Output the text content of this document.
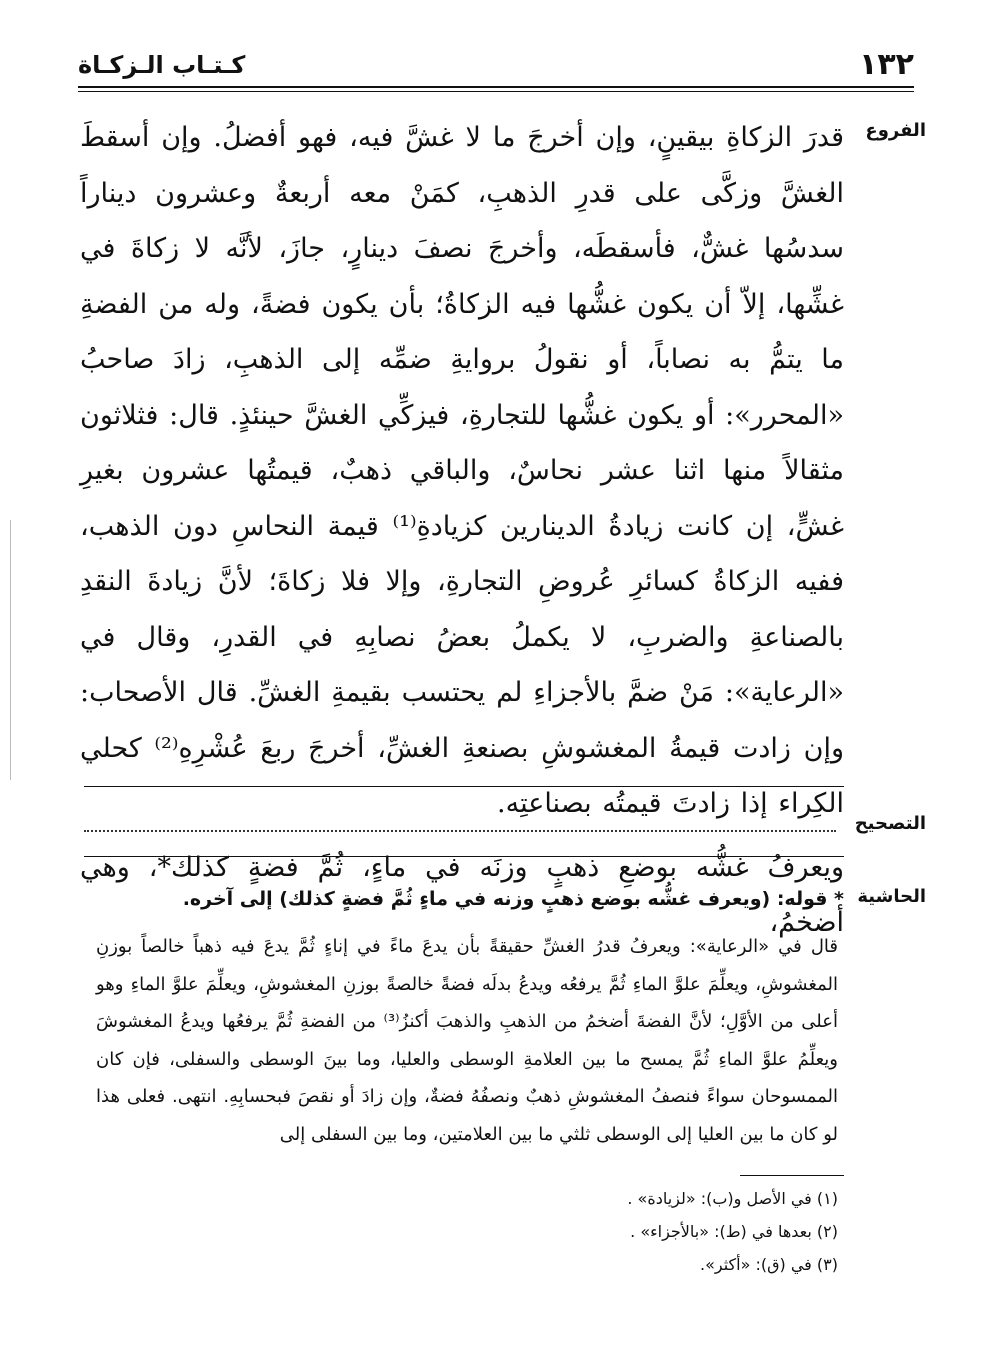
١٣٢
كـتـاب الـزكـاة
الفروع

قدرَ الزكاةِ بيقينٍ، وإن أخرجَ ما لا غشَّ فيه، فهو أفضلُ. وإن أسقطَ الغشَّ وزكَّى على قدرِ الذهبِ، كمَنْ معه أربعةٌ وعشرون ديناراً سدسُها غشٌّ، فأسقطَه، وأخرجَ نصفَ دينارٍ، جازَ، لأنَّه لا زكاةَ في غشِّها، إلاّ أن يكون غشُّها فيه الزكاةُ؛ بأن يكون فضةً، وله من الفضةِ ما يتمُّ به نصاباً، أو نقولُ بروايةِ ضمِّه إلى الذهبِ، زادَ صاحبُ «المحرر»: أو يكون غشُّها للتجارةِ، فيزكِّي الغشَّ حينئذٍ. قال: فثلاثون مثقالاً منها اثنا عشر نحاسٌ، والباقي ذهبٌ، قيمتُها عشرون بغيرِ غشٍّ، إن كانت زيادةُ الدينارين كزيادةِ⁽¹⁾ قيمة النحاسِ دون الذهب، ففيه الزكاةُ كسائرِ عُروضِ التجارةِ، وإلا فلا زكاةَ؛ لأنَّ زيادةَ النقدِ بالصناعةِ والضربِ، لا يكملُ بعضُ نصابِهِ في القدرِ، وقال في «الرعاية»: مَنْ ضمَّ بالأجزاءِ لم يحتسب بقيمةِ الغشِّ. قال الأصحاب: وإن زادت قيمةُ المغشوشِ بصنعةِ الغشِّ، أخرجَ ربعَ عُشْرِهِ⁽²⁾ كحلي الكِراء إذا زادتَ قيمتُه بصناعتِه.

ويعرفُ غشُّه بوضعِ ذهبٍ وزنَه في ماءٍ، ثُمَّ فضةٍ كذلك*، وهي أضخمُ،

التصحيح
الحاشية
* قوله: (ويعرف غشُّه بوضع ذهبٍ وزنه في ماءٍ ثُمَّ فضةٍ كذلك) إلى آخره.

قال في «الرعاية»: ويعرفُ قدرُ الغشِّ حقيقةً بأن يدعَ ماءً في إناءٍ ثُمَّ يدعَ فيه ذهباً خالصاً بوزنِ المغشوشِ، ويعلِّمَ علوَّ الماءِ ثُمَّ يرفعُه ويدعُ بدلَه فضةً خالصةً بوزنِ المغشوشِ، ويعلِّمَ علوَّ الماءِ وهو أعلى من الأوَّلِ؛ لأنَّ الفضةَ أضخمُ من الذهبِ والذهبَ أكنزُ⁽³⁾ من الفضةِ ثُمَّ يرفعُها ويدعُ المغشوشَ ويعلِّمُ علوَّ الماءِ ثُمَّ يمسح ما بين العلامةِ الوسطى والعليا، وما بينَ الوسطى والسفلى، فإن كان الممسوحان سواءً فنصفُ المغشوشِ ذهبٌ ونصفُهُ فضةٌ، وإن زادَ أو نقصَ فبحسابِهِ. انتهى. فعلى هذا لو كان ما بين العليا إلى الوسطى ثلثي ما بين العلامتين، وما بين السفلى إلى

(١) في الأصل و(ب): «لزيادة» .
(٢) بعدها في (ط): «بالأجزاء» .
(٣) في (ق): «أكثر».
